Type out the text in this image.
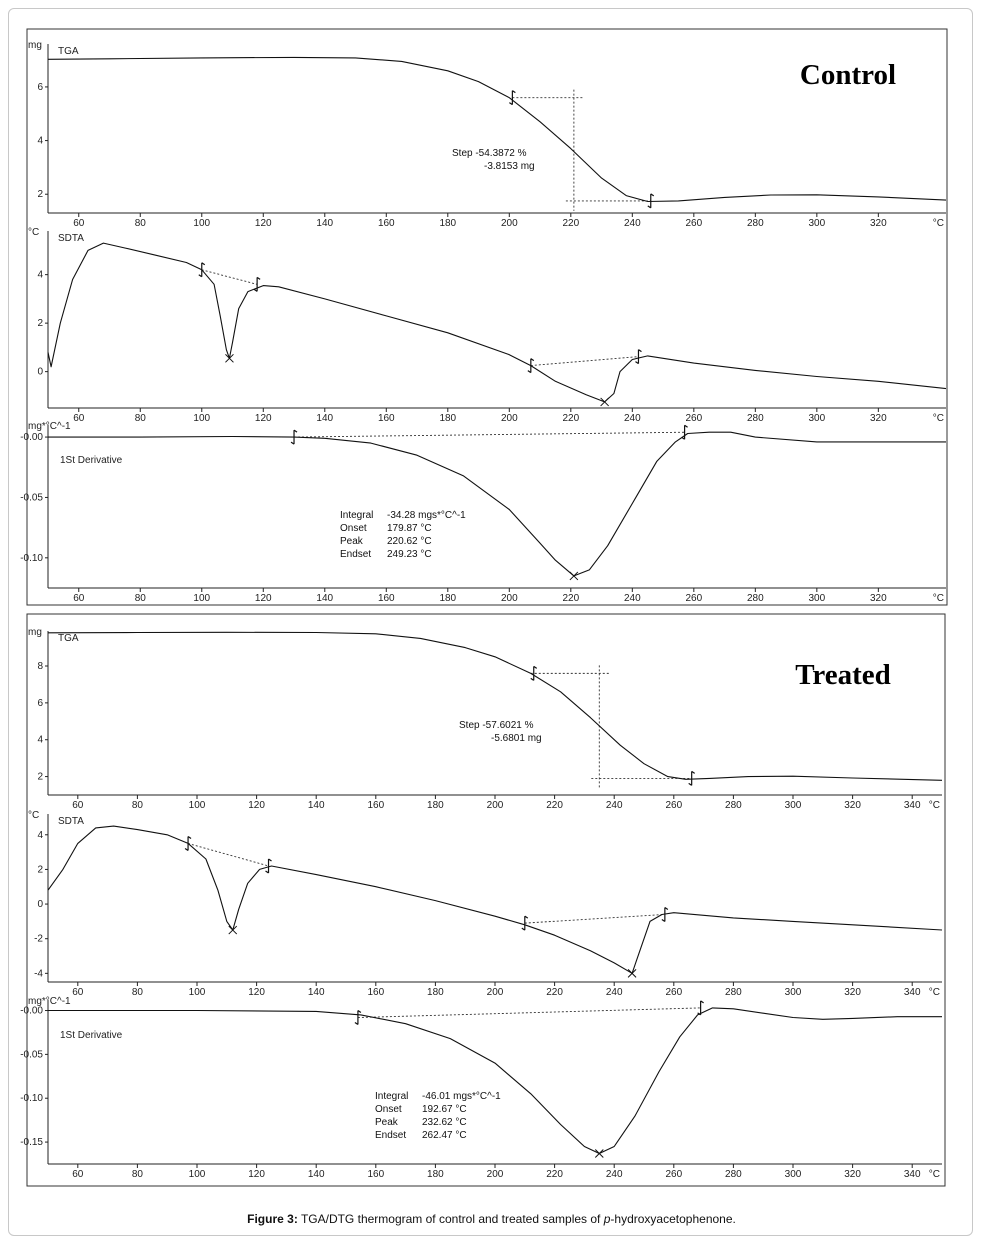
Control
60	80	100	120	140	160	180	200	220	240	260	280	300	320	°C
2
4
6
mg
TGA
Step -54.3872 %
-3.8153 mg
60	80	100	120	140	160	180	200	220	240	260	280	300	320	°C
0
2
4
°C
SDTA
60	80	100	120	140	160	180	200	220	240	260	280	300	320	°C
-0.10
-0.05
-0.00
mg*°C^-1
1St Derivative
Integral -34.28 mgs*°C^-1
Onset 179.87 °C
Peak 220.62 °C
Endset 249.23 °C
Treated
60	80	100	120	140	160	180	200	220	240	260	280	300	320	340 °C
2
4
6
8
mg
TGA
Step -57.6021 %
-5.6801 mg
60	80	100	120	140	160	180	200	220	240	260	280	300	320	340 °C
-4
-2
0
2
4
°C
SDTA
60	80	100	120	140	160	180	200	220	240	260	280	300	320	340 °C
-0.15
-0.10
-0.05
-0.00
mg*°C^-1
1St Derivative
Integral -46.01 mgs*°C^-1
Onset 192.67 °C
Peak 232.62 °C
Endset 262.47 °C
Figure 3: TGA/DTG thermogram of control and treated samples of p-hydroxyacetophenone.
